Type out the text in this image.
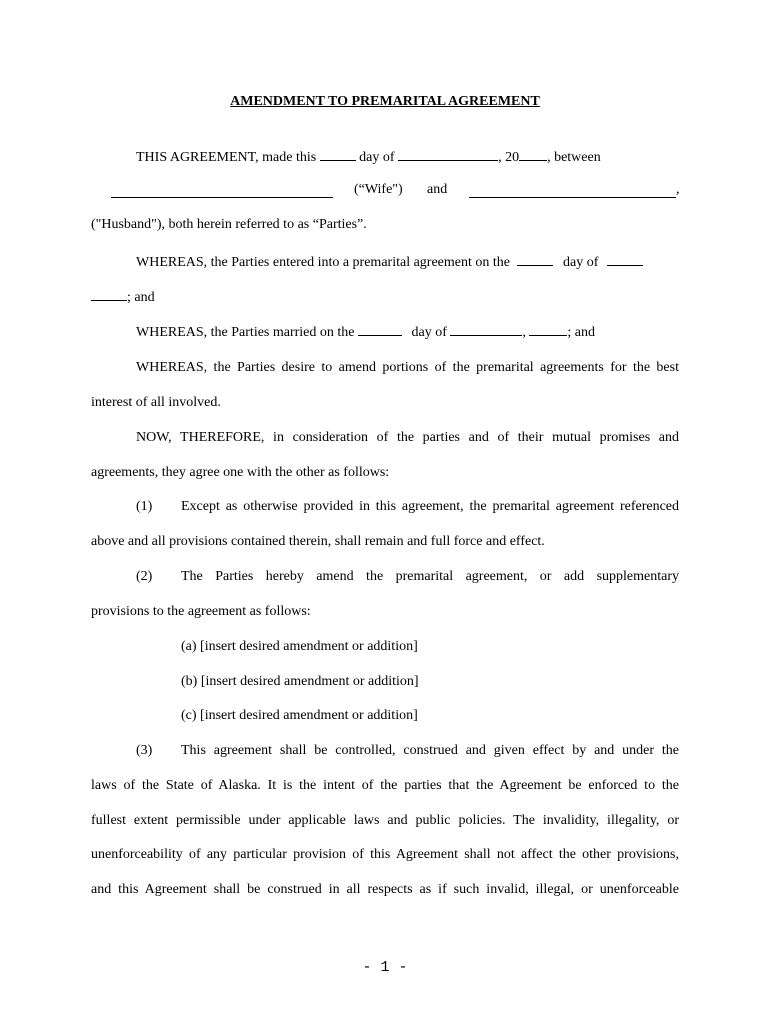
AMENDMENT TO PREMARITAL AGREEMENT
THIS AGREEMENT, made this	day of	, 20 , between
(“Wife") and	,
("Husband"), both herein referred to as “Parties”.
WHEREAS, the Parties entered into a premarital agreement on the	day of
; and
WHEREAS, the Parties married on the	day of	,	; and
WHEREAS, the Parties desire to amend portions of the premarital agreements for the best
interest of all involved.
NOW, THEREFORE, in consideration of the parties and of their mutual promises and
agreements, they agree one with the other as follows:
(1) Except as otherwise provided in this agreement, the premarital agreement referenced
above and all provisions contained therein, shall remain and full force and effect.
(2) The Parties hereby amend the premarital agreement, or add supplementary
provisions to the agreement as follows:
(a) [insert desired amendment or addition]
(b) [insert desired amendment or addition]
(c) [insert desired amendment or addition]
(3) This agreement shall be controlled, construed and given effect by and under the
laws of the State of Alaska. It is the intent of the parties that the Agreement be enforced to the
fullest extent permissible under applicable laws and public policies. The invalidity, illegality, or
unenforceability of any particular provision of this Agreement shall not affect the other provisions,
and this Agreement shall be construed in all respects as if such invalid, illegal, or unenforceable
- 1 -
